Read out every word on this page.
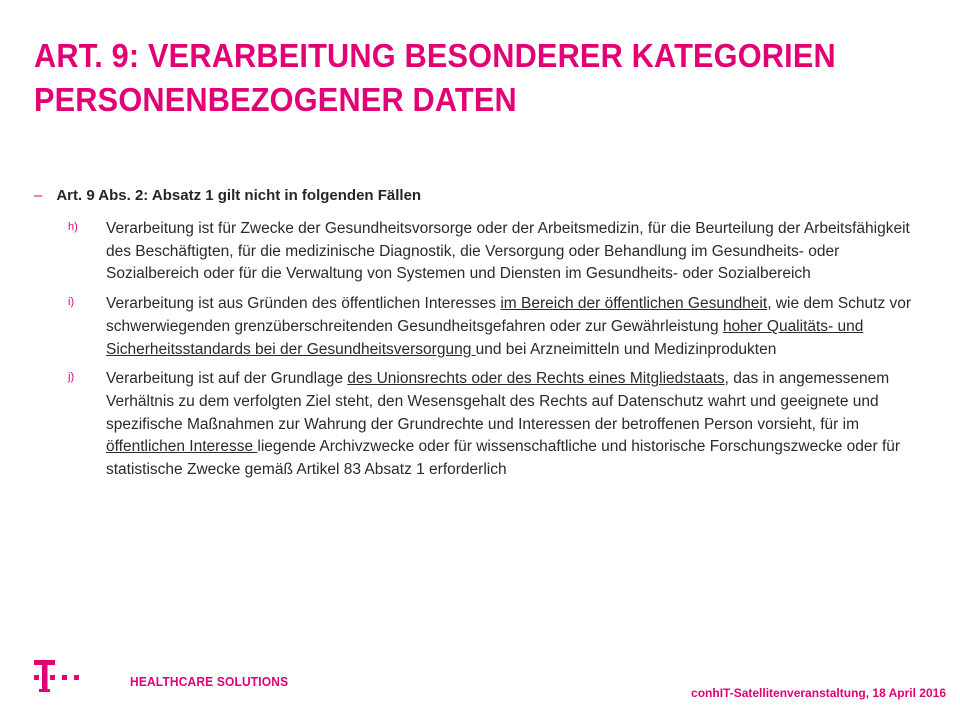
ART. 9: VERARBEITUNG BESONDERER KATEGORIEN PERSONENBEZOGENER DATEN
– Art. 9 Abs. 2: Absatz 1 gilt nicht in folgenden Fällen
h) Verarbeitung ist für Zwecke der Gesundheitsvorsorge oder der Arbeitsmedizin, für die Beurteilung der Arbeitsfähigkeit des Beschäftigten, für die medizinische Diagnostik, die Versorgung oder Behandlung im Gesundheits- oder Sozialbereich oder für die Verwaltung von Systemen und Diensten im Gesundheits- oder Sozialbereich
i) Verarbeitung ist aus Gründen des öffentlichen Interesses im Bereich der öffentlichen Gesundheit, wie dem Schutz vor schwerwiegenden grenzüberschreitenden Gesundheitsgefahren oder zur Gewährleistung hoher Qualitäts- und Sicherheitsstandards bei der Gesundheitsversorgung und bei Arzneimitteln und Medizinprodukten
j) Verarbeitung ist auf der Grundlage des Unionsrechts oder des Rechts eines Mitgliedstaats, das in angemessenem Verhältnis zu dem verfolgten Ziel steht, den Wesensgehalt des Rechts auf Datenschutz wahrt und geeignete und spezifische Maßnahmen zur Wahrung der Grundrechte und Interessen der betroffenen Person vorsieht, für im öffentlichen Interesse liegende Archivzwecke oder für wissenschaftliche und historische Forschungszwecke oder für statistische Zwecke gemäß Artikel 83 Absatz 1 erforderlich
HEALTHCARE SOLUTIONS
conhIT-Satellitenveranstaltung, 18 April 2016
